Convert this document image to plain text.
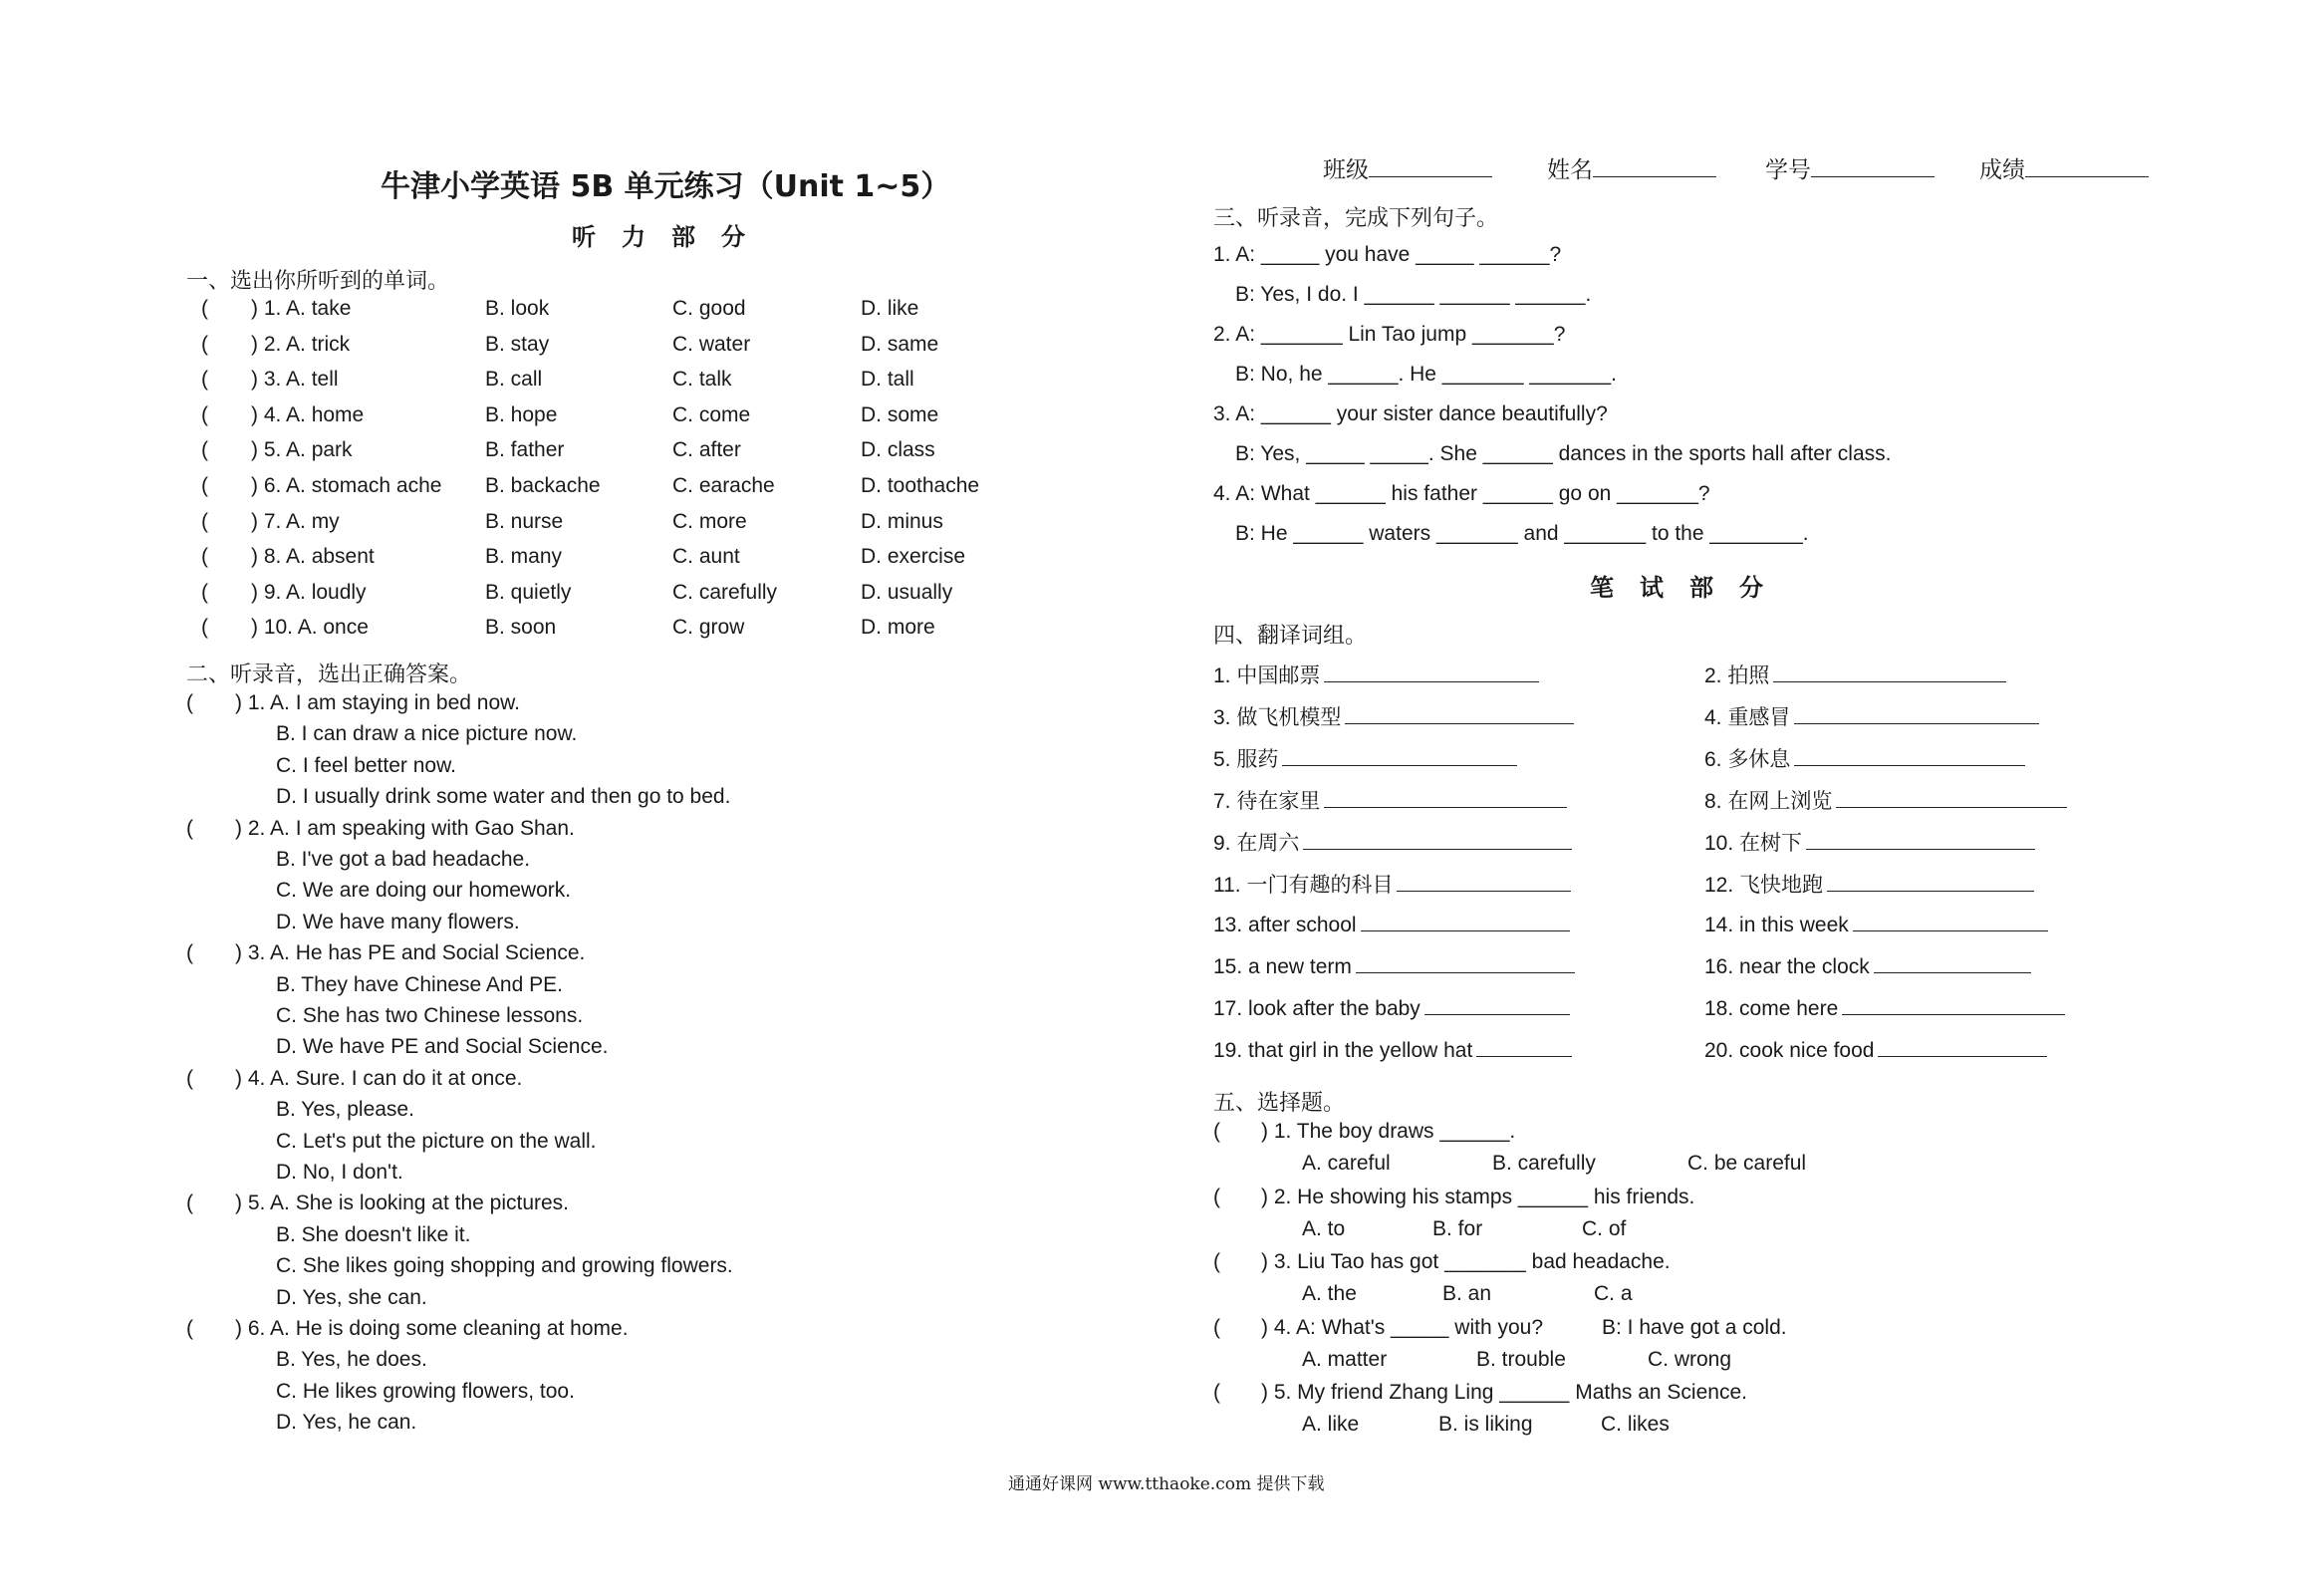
牛津小学英语 5B 单元练习（Unit 1~5）
听力部分
一、选出你所听到的单词。
( ) 1. A. take	B. look	C. good	D. like
( ) 2. A. trick	B. stay	C. water	D. same
( ) 3. A. tell	B. call	C. talk	D. tall
( ) 4. A. home	B. hope	C. come	D. some
( ) 5. A. park	B. father	C. after	D. class
( ) 6. A. stomach ache B. backache	C. earache	D. toothache
( ) 7. A. my	B. nurse	C. more	D. minus
( ) 8. A. absent	B. many	C. aunt	D. exercise
( ) 9. A. loudly	B. quietly	C. carefully	D. usually
( ) 10. A. once	B. soon	C. grow	D. more
二、听录音，选出正确答案。
( ) 1. A. I am staying in bed now.
B. I can draw a nice picture now.
C. I feel better now.
D. I usually drink some water and then go to bed.
( ) 2. A. I am speaking with Gao Shan.
B. I've got a bad headache.
C. We are doing our homework.
D. We have many flowers.
( ) 3. A. He has PE and Social Science.
B. They have Chinese And PE.
C. She has two Chinese lessons.
D. We have PE and Social Science.
( ) 4. A. Sure. I can do it at once.
B. Yes, please.
C. Let's put the picture on the wall.
D. No, I don't.
( ) 5. A. She is looking at the pictures.
B. She doesn't like it.
C. She likes going shopping and growing flowers.
D. Yes, she can.
( ) 6. A. He is doing some cleaning at home.
B. Yes, he does.
C. He likes growing flowers, too.
D. Yes, he can.
班级	姓名	学号	成绩
三、听录音，完成下列句子。
1. A: _____ you have _____ ______?
B: Yes, I do. I ______ ______ ______.
2. A: _______ Lin Tao jump _______?
B: No, he ______. He _______ _______.
3. A: ______ your sister dance beautifully?
B: Yes, _____ _____. She ______ dances in the sports hall after class.
4. A: What ______ his father ______ go on _______?
B: He ______ waters _______ and _______ to the ________.
笔试部分
四、翻译词组。
1. 中国邮票	2. 拍照
3. 做飞机模型	4. 重感冒
5. 服药	6. 多休息
7. 待在家里	8. 在网上浏览
9. 在周六	10. 在树下
11. 一门有趣的科目	12. 飞快地跑
13. after school	14. in this week
15. a new term	16. near the clock
17. look after the baby	18. come here
19. that girl in the yellow hat	20. cook nice food
五、选择题。
( ) 1. The boy draws ______.
A. careful	B. carefully	C. be careful
( ) 2. He showing his stamps ______ his friends.
A. to	B. for	C. of
( ) 3. Liu Tao has got _______ bad headache.
A. the	B. an	C. a
( ) 4. A: What's _____ with you?	B: I have got a cold.
A. matter	B. trouble	C. wrong
( ) 5. My friend Zhang Ling ______ Maths an Science.
A. like	B. is liking	C. likes
通通好课网 www.tthaoke.com 提供下载
